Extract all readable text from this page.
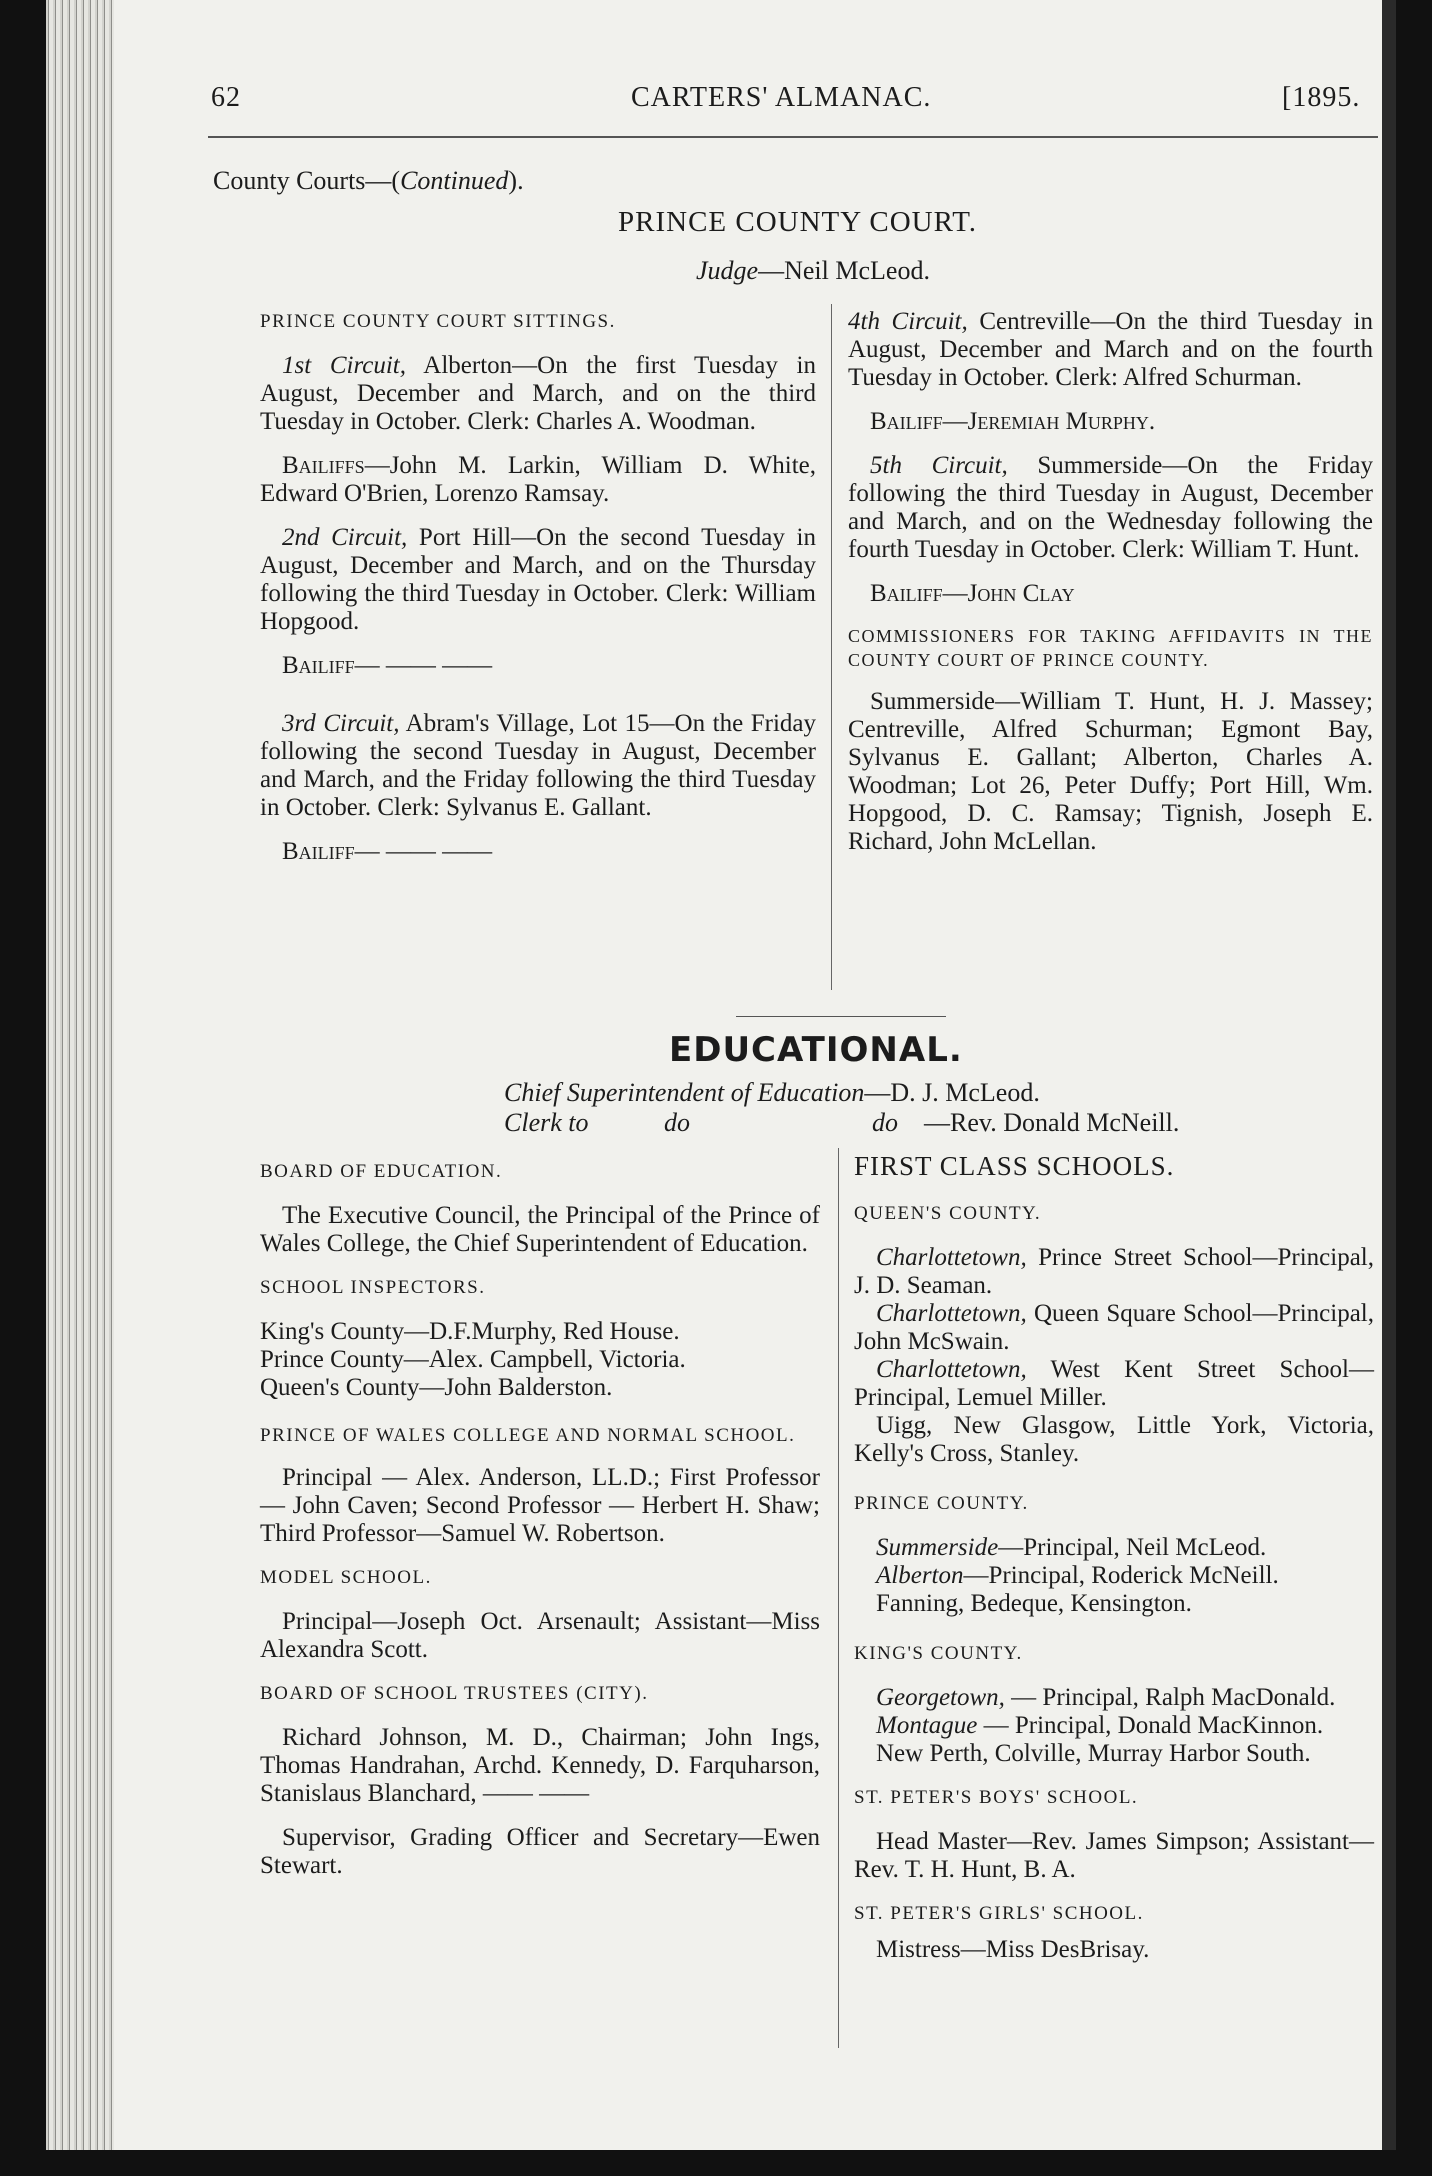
62	CARTERS' ALMANAC.	[1895.
County Courts—(Continued).
PRINCE COUNTY COURT.
Judge—Neil McLeod.

PRINCE COUNTY COURT SITTINGS.

1st Circuit, Alberton—On the first Tuesday in August, December and March, and on the third Tuesday in October. Clerk: Charles A. Woodman.

Bailiffs—John M. Larkin, William D. White, Edward O'Brien, Lorenzo Ramsay.

2nd Circuit, Port Hill—On the second Tuesday in August, December and March, and on the Thursday following the third Tuesday in October. Clerk: William Hopgood.

Bailiff— —— ——

3rd Circuit, Abram's Village, Lot 15—On the Friday following the second Tuesday in August, December and March, and the Friday following the third Tuesday in October. Clerk: Sylvanus E. Gallant.

Bailiff— —— ——

4th Circuit, Centreville—On the third Tuesday in August, December and March and on the fourth Tuesday in October. Clerk: Alfred Schurman.

Bailiff—Jeremiah Murphy.

5th Circuit, Summerside—On the Friday following the third Tuesday in August, December and March, and on the Wednesday following the fourth Tuesday in October. Clerk: William T. Hunt.

Bailiff—John Clay

COMMISSIONERS FOR TAKING AFFIDAVITS IN THE COUNTY COURT OF PRINCE COUNTY.

Summerside—William T. Hunt, H. J. Massey; Centreville, Alfred Schurman; Egmont Bay, Sylvanus E. Gallant; Alberton, Charles A. Woodman; Lot 26, Peter Duffy; Port Hill, Wm. Hopgood, D. C. Ramsay; Tignish, Joseph E. Richard, John McLellan.

EDUCATIONAL.
Chief Superintendent of Education—D. J. McLeod.
Clerk to	do	do —Rev. Donald McNeill.

BOARD OF EDUCATION.

The Executive Council, the Principal of the Prince of Wales College, the Chief Superintendent of Education.

SCHOOL INSPECTORS.

King's County—D.F.Murphy, Red House.
Prince County—Alex. Campbell, Victoria.
Queen's County—John Balderston.

PRINCE OF WALES COLLEGE AND NORMAL SCHOOL.

Principal — Alex. Anderson, LL.D.; First Professor — John Caven; Second Professor — Herbert H. Shaw; Third Professor—Samuel W. Robertson.

MODEL SCHOOL.

Principal—Joseph Oct. Arsenault; Assistant—Miss Alexandra Scott.

BOARD OF SCHOOL TRUSTEES (CITY).

Richard Johnson, M. D., Chairman; John Ings, Thomas Handrahan, Archd. Kennedy, D. Farquharson, Stanislaus Blanchard, —— ——

Supervisor, Grading Officer and Secretary—Ewen Stewart.

FIRST CLASS SCHOOLS.

QUEEN'S COUNTY.

Charlottetown, Prince Street School—Principal, J. D. Seaman.
Charlottetown, Queen Square School—Principal, John McSwain.
Charlottetown, West Kent Street School—Principal, Lemuel Miller.

Uigg, New Glasgow, Little York, Victoria, Kelly's Cross, Stanley.

PRINCE COUNTY.

Summerside—Principal, Neil McLeod.
Alberton—Principal, Roderick McNeill.

Fanning, Bedeque, Kensington.

KING'S COUNTY.

Georgetown, — Principal, Ralph MacDonald.
Montague — Principal, Donald MacKinnon.

New Perth, Colville, Murray Harbor South.

ST. PETER'S BOYS' SCHOOL.

Head Master—Rev. James Simpson; Assistant—Rev. T. H. Hunt, B. A.

ST. PETER'S GIRLS' SCHOOL.

Mistress—Miss DesBrisay.
